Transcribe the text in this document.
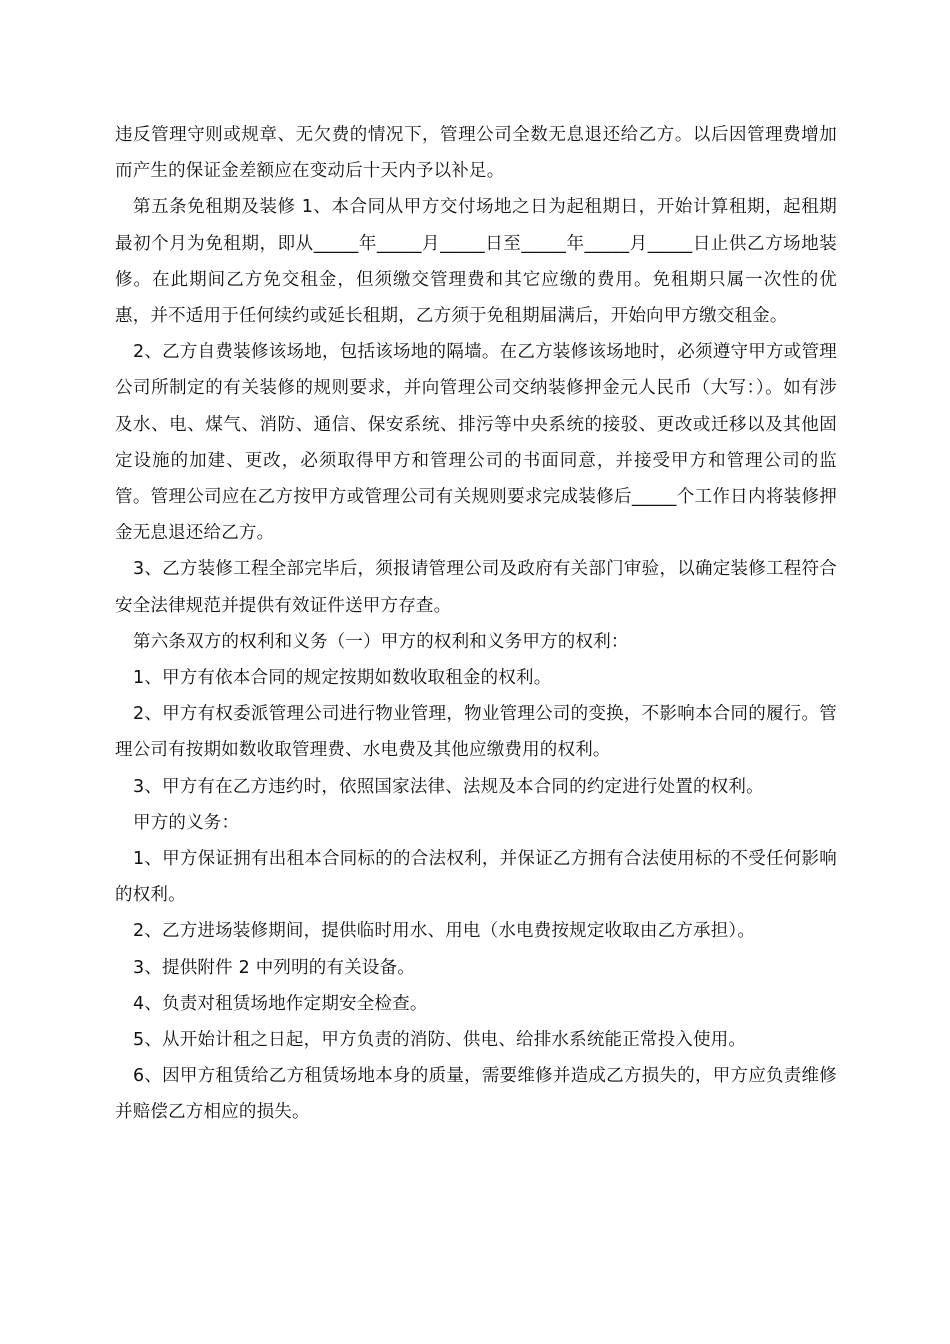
违反管理守则或规章、无欠费的情况下，管理公司全数无息退还给乙方。以后因管理费增加而产生的保证金差额应在变动后十天内予以补足。

第五条免租期及装修 1、本合同从甲方交付场地之日为起租期日，开始计算租期，起租期最初个月为免租期，即从_____年_____月_____日至_____年_____月_____日止供乙方场地装修。在此期间乙方免交租金，但须缴交管理费和其它应缴的费用。免租期只属一次性的优惠，并不适用于任何续约或延长租期，乙方须于免租期届满后，开始向甲方缴交租金。

2、乙方自费装修该场地，包括该场地的隔墙。在乙方装修该场地时，必须遵守甲方或管理公司所制定的有关装修的规则要求，并向管理公司交纳装修押金元人民币（大写：）。如有涉及水、电、煤气、消防、通信、保安系统、排污等中央系统的接驳、更改或迁移以及其他固定设施的加建、更改，必须取得甲方和管理公司的书面同意，并接受甲方和管理公司的监管。管理公司应在乙方按甲方或管理公司有关规则要求完成装修后_____个工作日内将装修押金无息退还给乙方。

3、乙方装修工程全部完毕后，须报请管理公司及政府有关部门审验，以确定装修工程符合安全法律规范并提供有效证件送甲方存查。

第六条双方的权利和义务（一）甲方的权利和义务甲方的权利：

1、甲方有依本合同的规定按期如数收取租金的权利。

2、甲方有权委派管理公司进行物业管理，物业管理公司的变换，不影响本合同的履行。管理公司有按期如数收取管理费、水电费及其他应缴费用的权利。

3、甲方有在乙方违约时，依照国家法律、法规及本合同的约定进行处置的权利。

甲方的义务：

1、甲方保证拥有出租本合同标的的合法权利，并保证乙方拥有合法使用标的不受任何影响的权利。

2、乙方进场装修期间，提供临时用水、用电（水电费按规定收取由乙方承担）。

3、提供附件 2 中列明的有关设备。

4、负责对租赁场地作定期安全检查。

5、从开始计租之日起，甲方负责的消防、供电、给排水系统能正常投入使用。

6、因甲方租赁给乙方租赁场地本身的质量，需要维修并造成乙方损失的，甲方应负责维修并赔偿乙方相应的损失。
